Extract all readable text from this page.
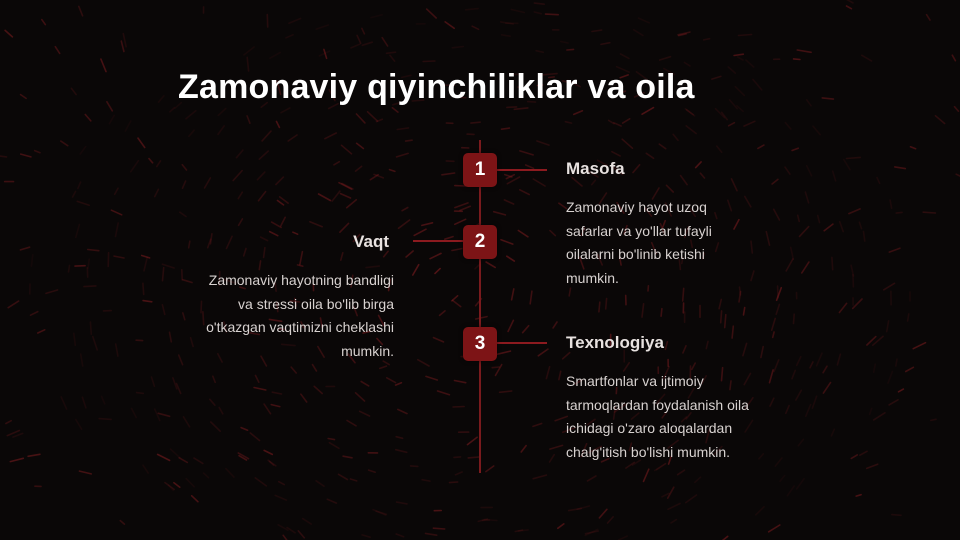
Zamonaviy qiyinchiliklar va oila
1	Masofa
Zamonaviy hayot uzoq
safarlar va yo'llar tufayli
oilalarni bo'linib ketishi
mumkin.
2
Vaqt
Zamonaviy hayotning bandligi
va stressi oila bo'lib birga
o'tkazgan vaqtimizni cheklashi
mumkin.	3	Texnologiya
Smartfonlar va ijtimoiy
tarmoqlardan foydalanish oila
ichidagi o'zaro aloqalardan
chalg'itish bo'lishi mumkin.
